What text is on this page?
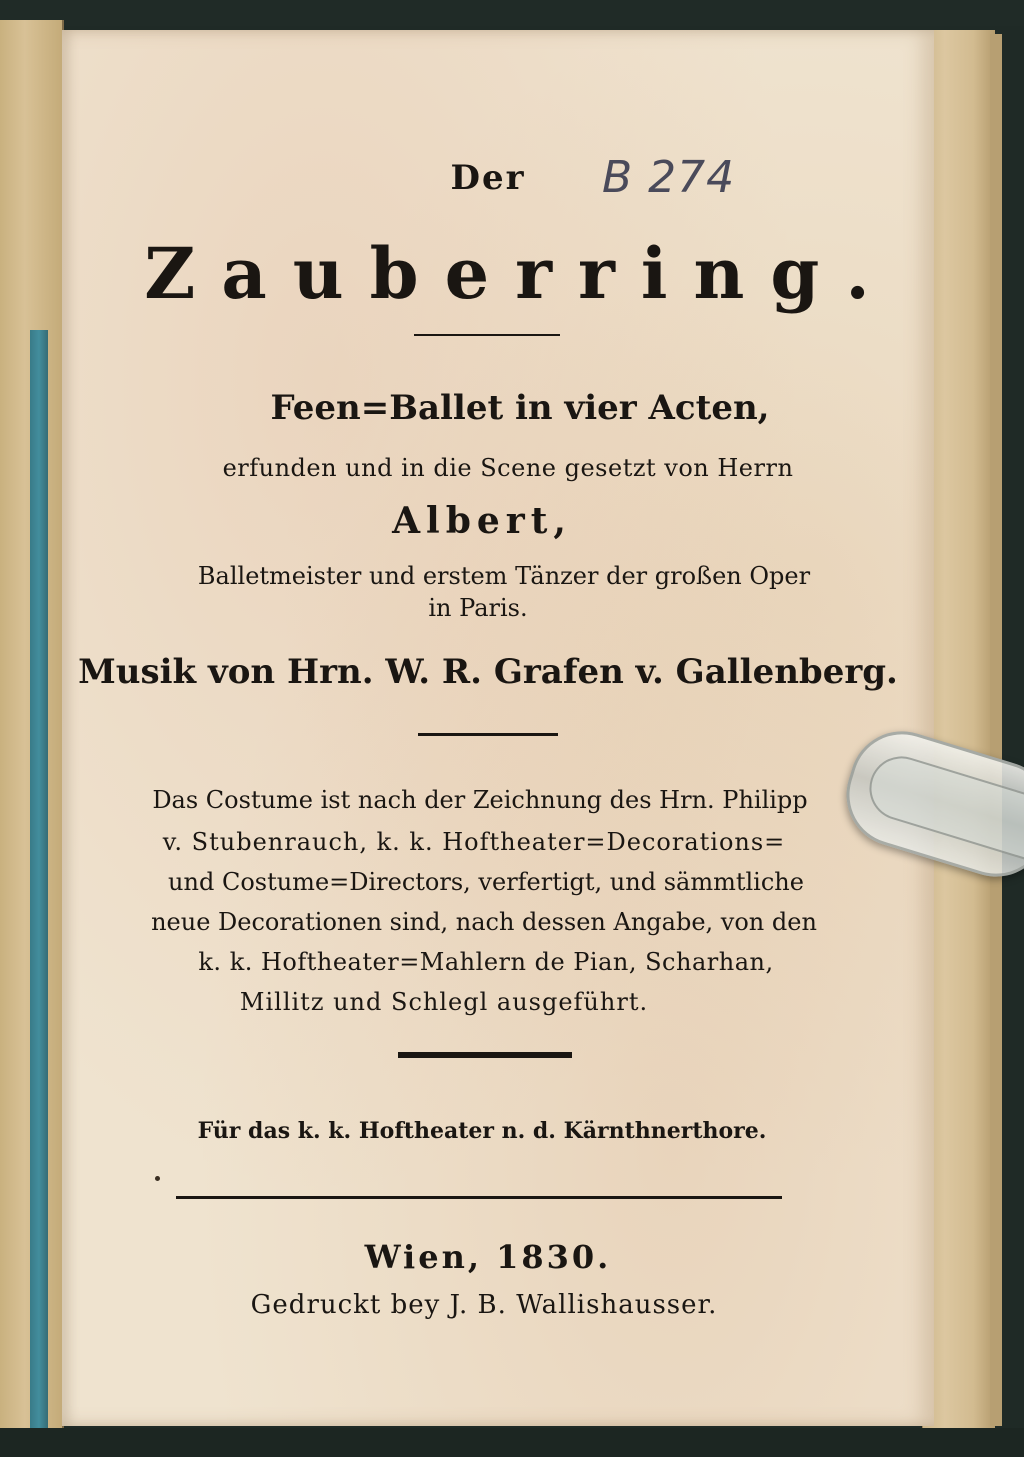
Der	B 274
Zauberring.
Feen=Ballet in vier Acten,
erfunden und in die Scene gesetzt von Herrn
Albert,
Balletmeister und erstem Tänzer der großen Oper
in Paris.
Musik von Hrn. W. R. Grafen v. Gallenberg.
Das Costume ist nach der Zeichnung des Hrn. Philipp
v. Stubenrauch, k. k. Hoftheater=Decorations=
und Costume=Directors, verfertigt, und sämmtliche
neue Decorationen sind, nach dessen Angabe, von den
k. k. Hoftheater=Mahlern de Pian, Scharhan,
Millitz und Schlegl ausgeführt.
Für das k. k. Hoftheater n. d. Kärnthnerthore.
Wien, 1830.
Gedruckt bey J. B. Wallishausser.
